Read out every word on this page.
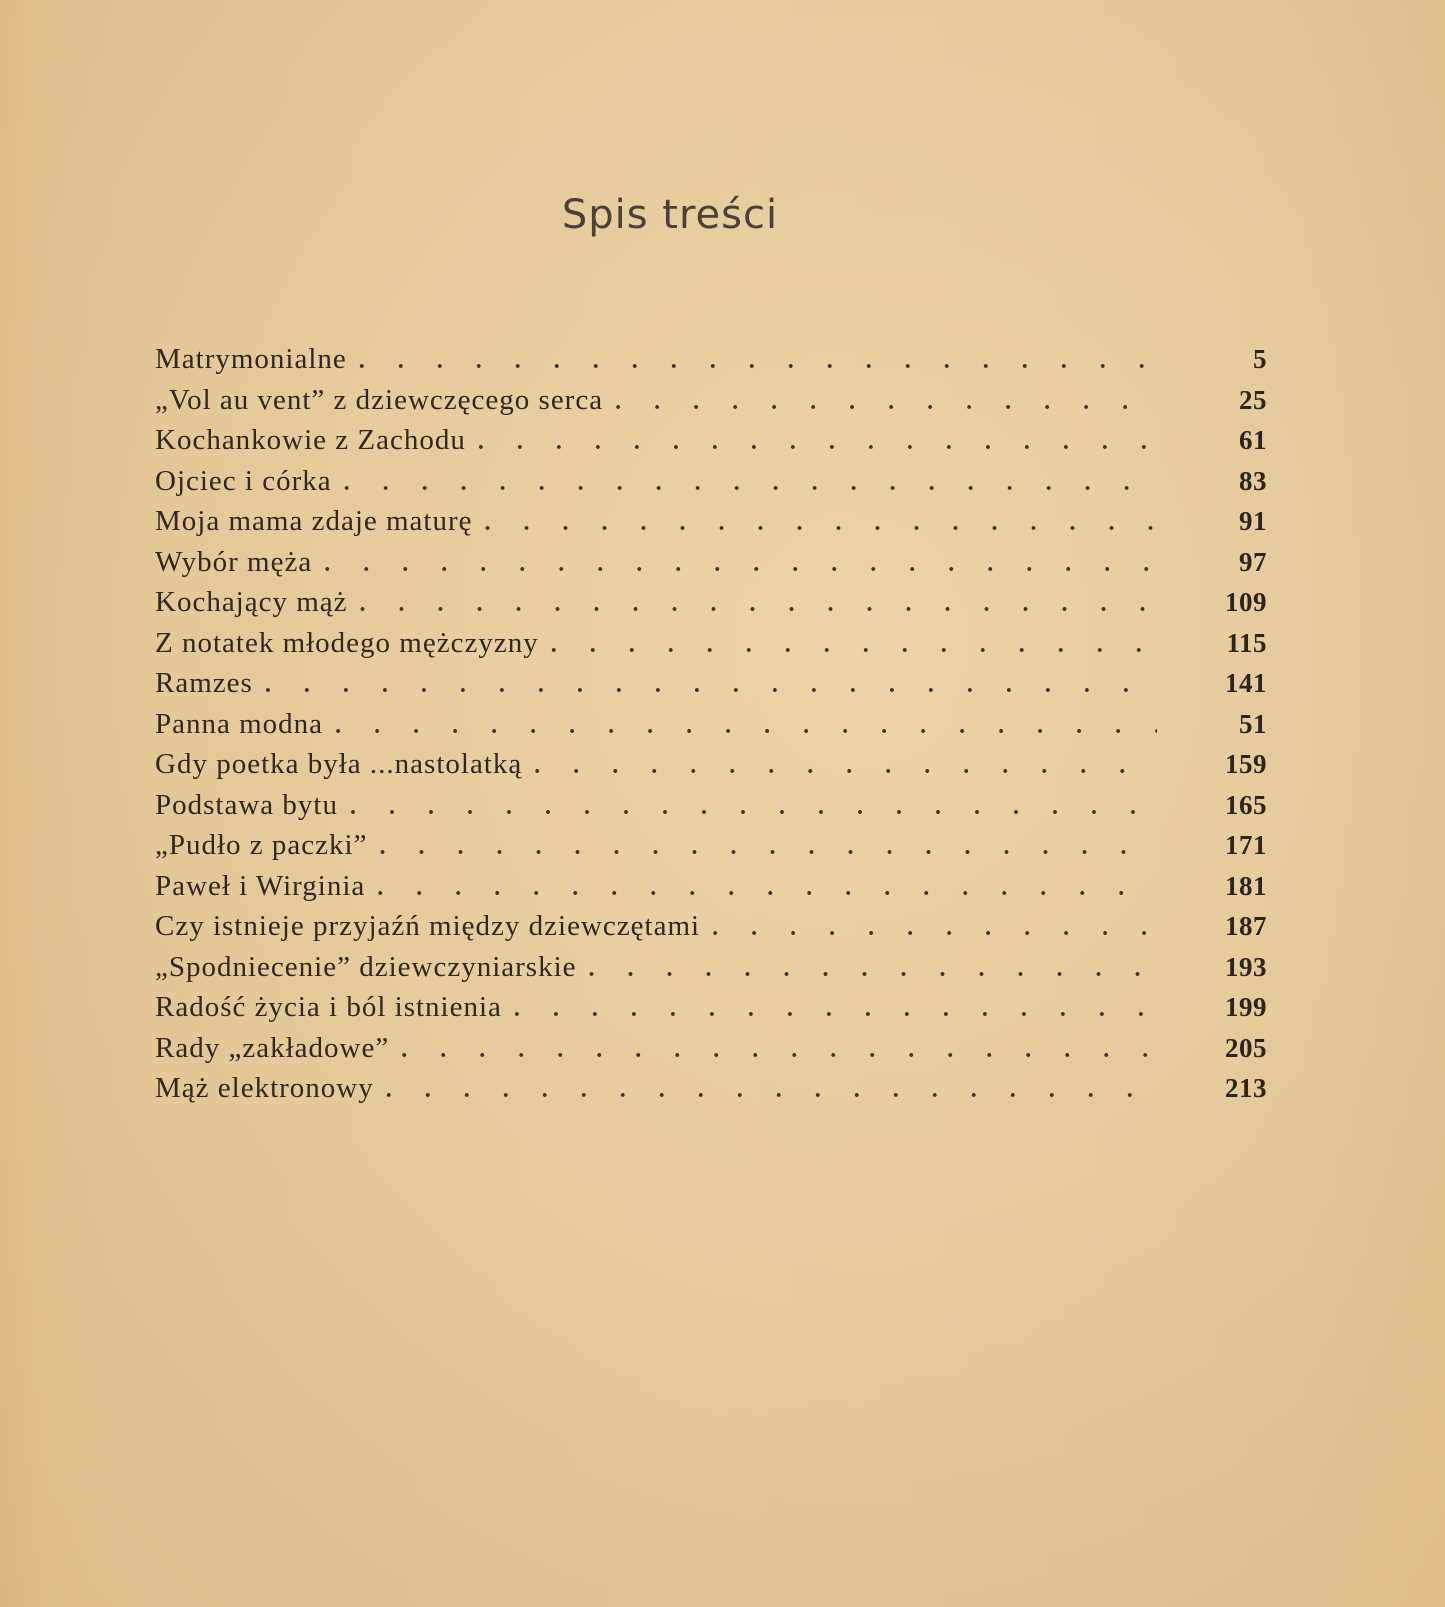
Spis treści
Matrymonialne . . .	5
„Vol au vent” z dziewczęcego serca . . .	25
Kochankowie z Zachodu . . .	61
Ojciec i córka . . .	83
Moja mama zdaje maturę . . .	91
Wybór męża . . .	97
Kochający mąż . . .	109
Z notatek młodego mężczyzny . . .	115
Ramzes . . .	141
Panna modna . . .	51
Gdy poetka była ...nastolatką . . .	159
Podstawa bytu . . .	165
„Pudło z paczki” . . .	171
Paweł i Wirginia . . .	181
Czy istnieje przyjaźń między dziewczętami . . .	187
„Spodniecenie” dziewczyniarskie . . .	193
Radość życia i ból istnienia . . .	199
Rady „zakładowe” . . .	205
Mąż elektronowy . . .	213
